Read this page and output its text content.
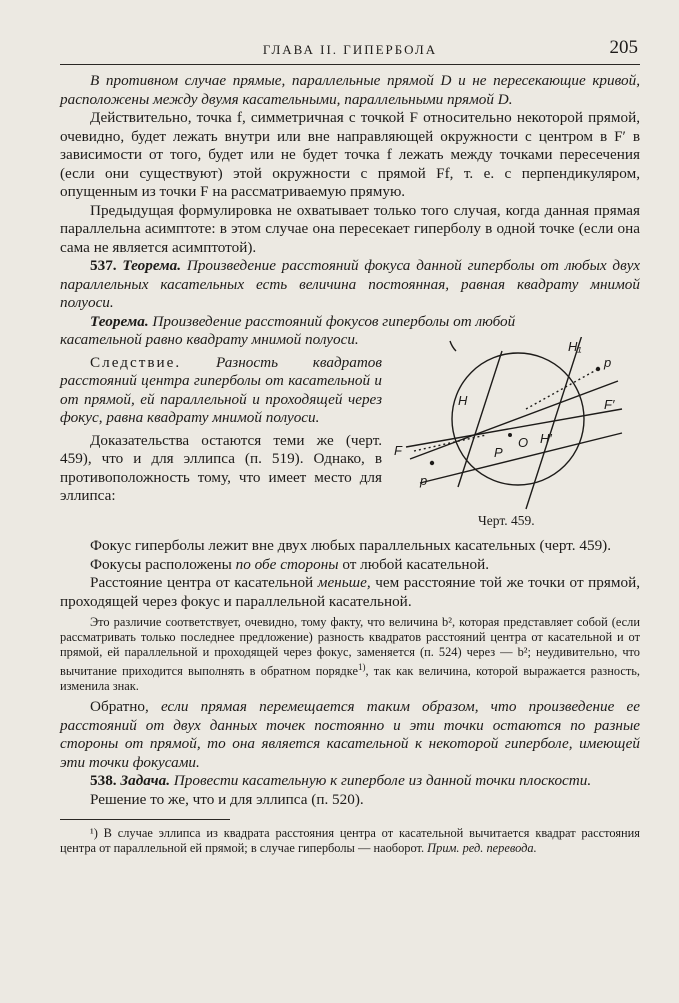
ГЛАВА II. ГИПЕРБОЛА	205

В противном случае прямые, параллельные прямой D и не пересекающие кривой, расположены между двумя касательными, параллельными прямой D.

Действительно, точка f, симметричная с точкой F относительно некоторой прямой, очевидно, будет лежать внутри или вне направляющей окружности с центром в F′ в зависимости от того, будет или не будет точка f лежать между точками пересечения (если они существуют) этой окружности с прямой Ff, т. е. с перпендикуляром, опущенным из точки F на рассматриваемую прямую.

Предыдущая формулировка не охватывает только того случая, когда данная прямая параллельна асимптоте: в этом случае она пересекает гиперболу в одной точке (если она сама не является асимптотой).

537. Теорема. Произведение расстояний фокуса данной гиперболы от любых двух параллельных касательных есть величина постоянная, равная квадрату мнимой полуоси.

Теорема. Произведение расстояний фокусов гиперболы от любой

H₁
H
H′
p
F
F′
O
P
p
Черт. 459.

касательной равно квадрату мнимой полуоси.

Следствие. Разность квадратов расстояний центра гиперболы от касательной и от прямой, ей параллельной и проходящей через фокус, равна квадрату мнимой полуоси.

Доказательства остаются теми же (черт. 459), что и для эллипса (п. 519). Однако, в противоположность тому, что имеет место для эллипса:

Фокус гиперболы лежит вне двух любых параллельных касательных (черт. 459).

Фокусы расположены по обе стороны от любой касательной.

Расстояние центра от касательной меньше, чем расстояние той же точки от прямой, проходящей через фокус и параллельной касательной.

Это различие соответствует, очевидно, тому факту, что величина b², которая представляет собой (если рассматривать только последнее предложение) разность квадратов расстояний центра от касательной и от прямой, ей параллельной и проходящей через фокус, заменяется (п. 524) через — b²; неудивительно, что вычитание приходится выполнять в обратном порядке$^{1)}$, так как величина, которой выражается разность, изменила знак.

Обратно, если прямая перемещается таким образом, что произведение ее расстояний от двух данных точек постоянно и эти точки остаются по разные стороны от прямой, то она является касательной к некоторой гиперболе, имеющей эти точки фокусами.

538. Задача. Провести касательную к гиперболе из данной точки плоскости.

Решение то же, что и для эллипса (п. 520).

¹) В случае эллипса из квадрата расстояния центра от касательной вычитается квадрат расстояния центра от параллельной ей прямой; в случае гиперболы — наоборот. Прим. ред. перевода.
